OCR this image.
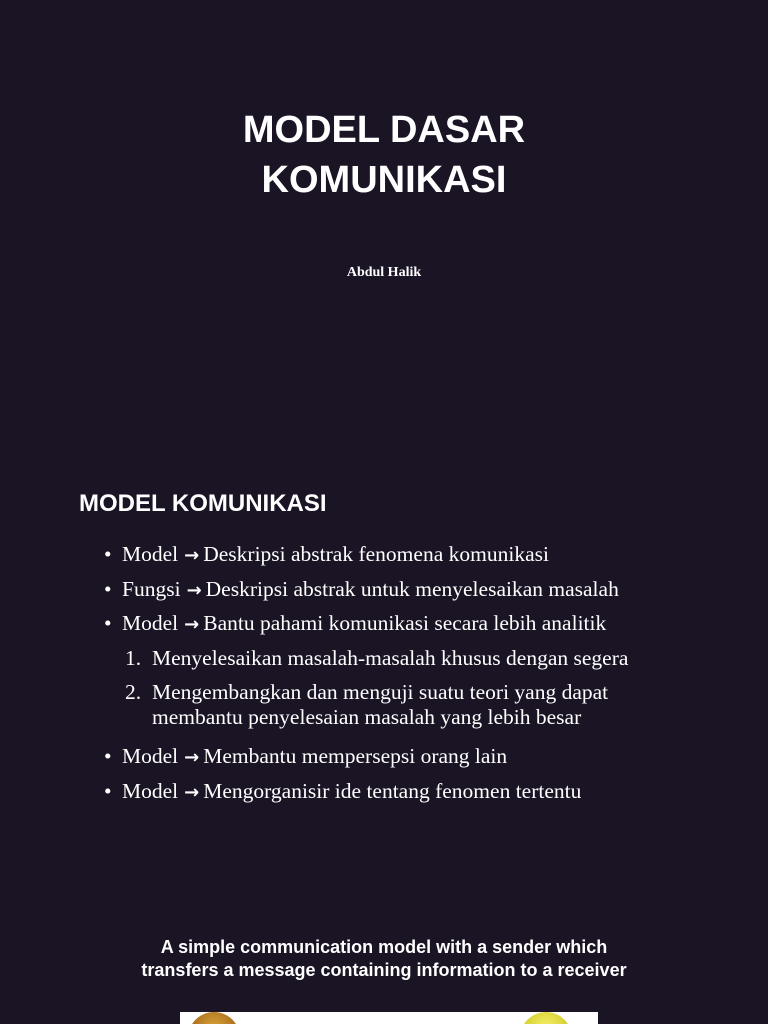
MODEL DASAR
KOMUNIKASI
Abdul Halik
MODEL KOMUNIKASI
• Model → Deskripsi abstrak fenomena komunikasi
• Fungsi → Deskripsi abstrak untuk menyelesaikan masalah
• Model → Bantu pahami komunikasi secara lebih analitik
1. Menyelesaikan masalah-masalah khusus dengan segera
2. Mengembangkan dan menguji suatu teori yang dapat
membantu penyelesaian masalah yang lebih besar
• Model → Membantu mempersepsi orang lain
• Model → Mengorganisir ide tentang fenomen tertentu
A simple communication model with a sender which
transfers a message containing information to a receiver
